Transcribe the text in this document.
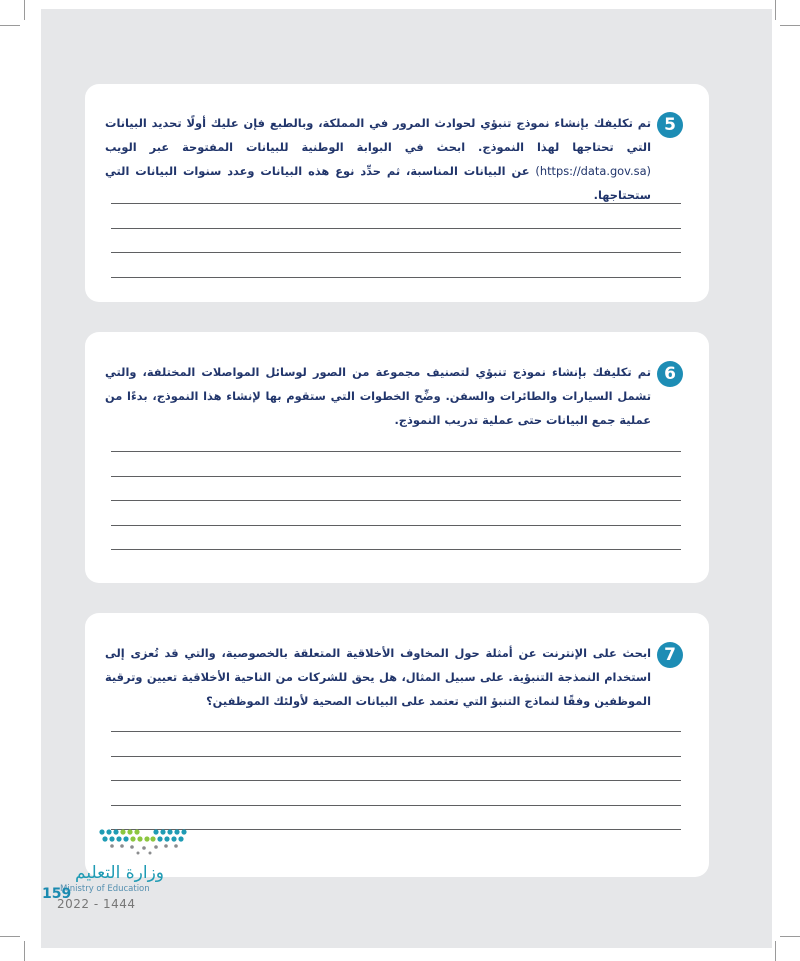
5
تم تكليفك بإنشاء نموذج تنبؤي لحوادث المرور في المملكة، وبالطبع فإن عليك أولًا تحديد البيانات التي تحتاجها لهذا النموذج. ابحث في البوابة الوطنية للبيانات المفتوحة عبر الويب (https://data.gov.sa) عن البيانات المناسبة، ثم حدِّد نوع هذه البيانات وعدد سنوات البيانات التي ستحتاجها.
6
تم تكليفك بإنشاء نموذج تنبؤي لتصنيف مجموعة من الصور لوسائل المواصلات المختلفة، والتي تشمل السيارات والطائرات والسفن. وضِّح الخطوات التي ستقوم بها لإنشاء هذا النموذج، بدءًا من عملية جمع البيانات حتى عملية تدريب النموذج.
7
ابحث على الإنترنت عن أمثلة حول المخاوف الأخلاقية المتعلقة بالخصوصية، والتي قد تُعزى إلى استخدام النمذجة التنبؤية. على سبيل المثال، هل يحق للشركات من الناحية الأخلاقية تعيين وترقية الموظفين وفقًا لنماذج التنبؤ التي تعتمد على البيانات الصحية لأولئك الموظفين؟
وزارة التعليم
Ministry of Education
159
2022 - 1444
